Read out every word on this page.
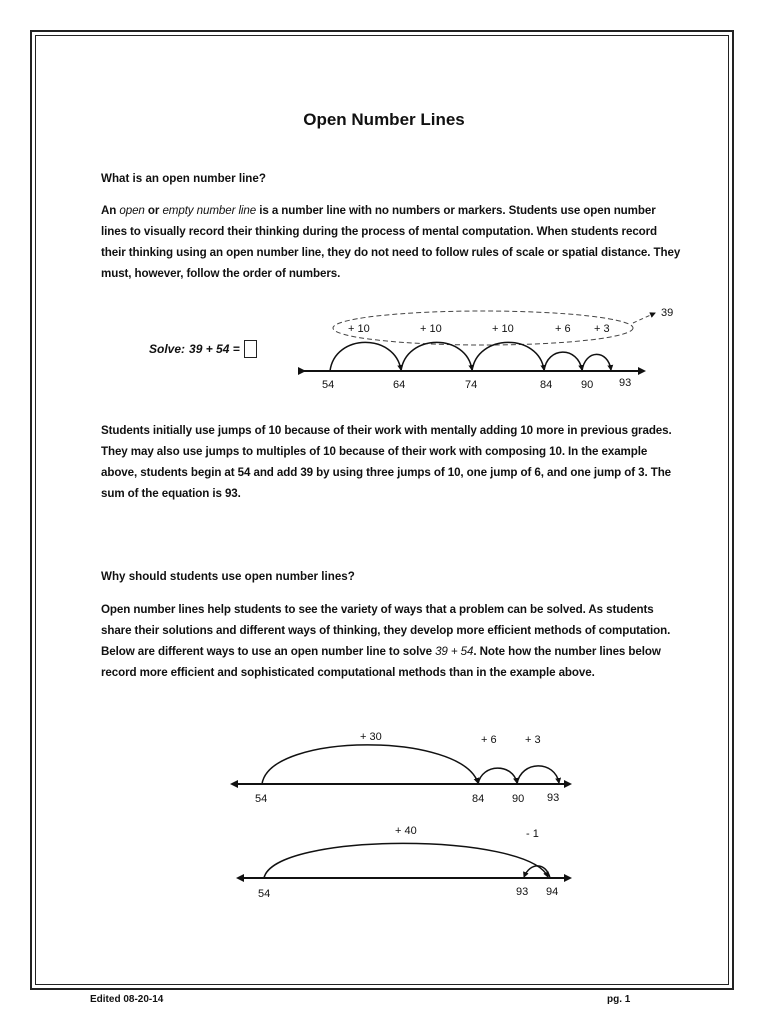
Open Number Lines
What is an open number line?
An open or empty number line is a number line with no numbers or markers. Students use open number lines to visually record their thinking during the process of mental computation. When students record their thinking using an open number line, they do not need to follow rules of scale or spatial distance. They must, however, follow the order of numbers.
Solve: 39 + 54 =
+ 10	+ 10	+ 10	+ 6 + 3
39
54	64	74	84	90 93
+ 30	+ 6	+ 3
54	84	90 93
+ 40	- 1
54	93 94
Students initially use jumps of 10 because of their work with mentally adding 10 more in previous grades. They may also use jumps to multiples of 10 because of their work with composing 10. In the example above, students begin at 54 and add 39 by using three jumps of 10, one jump of 6, and one jump of 3. The sum of the equation is 93.
Why should students use open number lines?
Open number lines help students to see the variety of ways that a problem can be solved. As students share their solutions and different ways of thinking, they develop more efficient methods of computation. Below are different ways to use an open number line to solve 39 + 54. Note how the number lines below record more efficient and sophisticated computational methods than in the example above.
Edited 08-20-14	pg. 1
